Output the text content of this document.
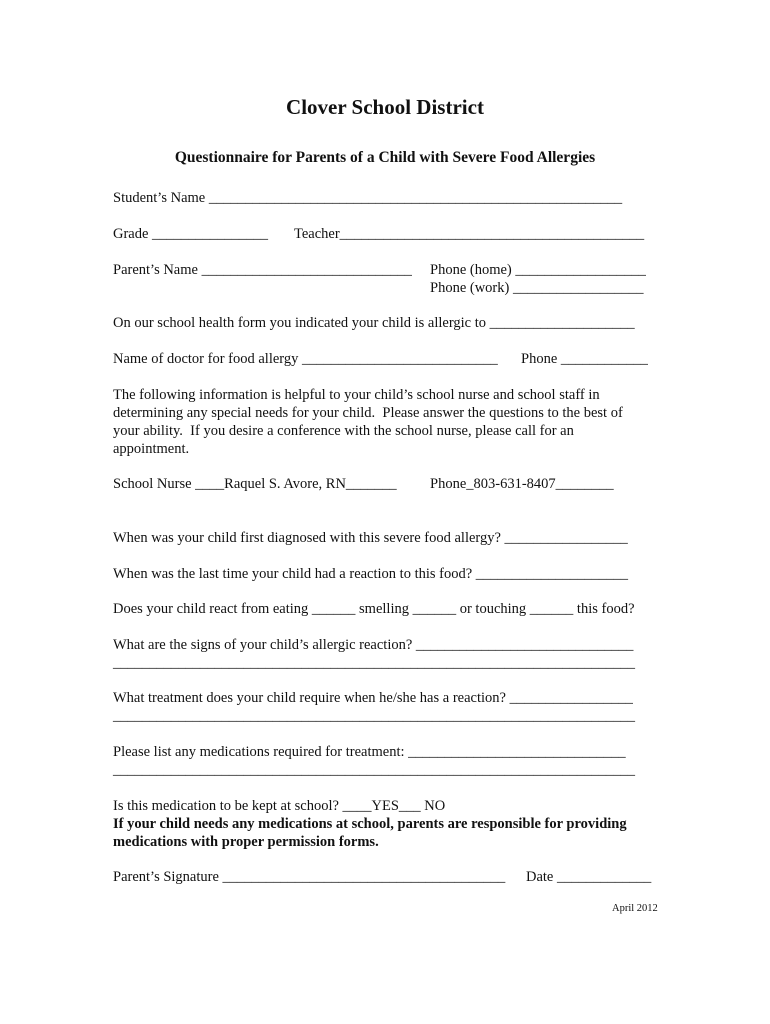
Clover School District
Questionnaire for Parents of a Child with Severe Food Allergies
Student’s Name _________________________________________________________
Grade ________________ Teacher__________________________________________
Parent’s Name _____________________________ Phone (home) __________________
Phone (work) __________________
On our school health form you indicated your child is allergic to ____________________
Name of doctor for food allergy ___________________________ Phone ____________
The following information is helpful to your child’s school nurse and school staff in
determining any special needs for your child.  Please answer the questions to the best of
your ability.  If you desire a conference with the school nurse, please call for an
appointment.
School Nurse ____Raquel S. Avore, RN_______ Phone_803-631-8407________
When was your child first diagnosed with this severe food allergy? _________________
When was the last time your child had a reaction to this food? _____________________
Does your child react from eating ______ smelling ______ or touching ______ this food?
What are the signs of your child’s allergic reaction? ______________________________
________________________________________________________________________
What treatment does your child require when he/she has a reaction? _________________
________________________________________________________________________
Please list any medications required for treatment: ______________________________
________________________________________________________________________
Is this medication to be kept at school? ____YES___ NO
If your child needs any medications at school, parents are responsible for providing
medications with proper permission forms.
Parent’s Signature _______________________________________ Date _____________
April 2012
